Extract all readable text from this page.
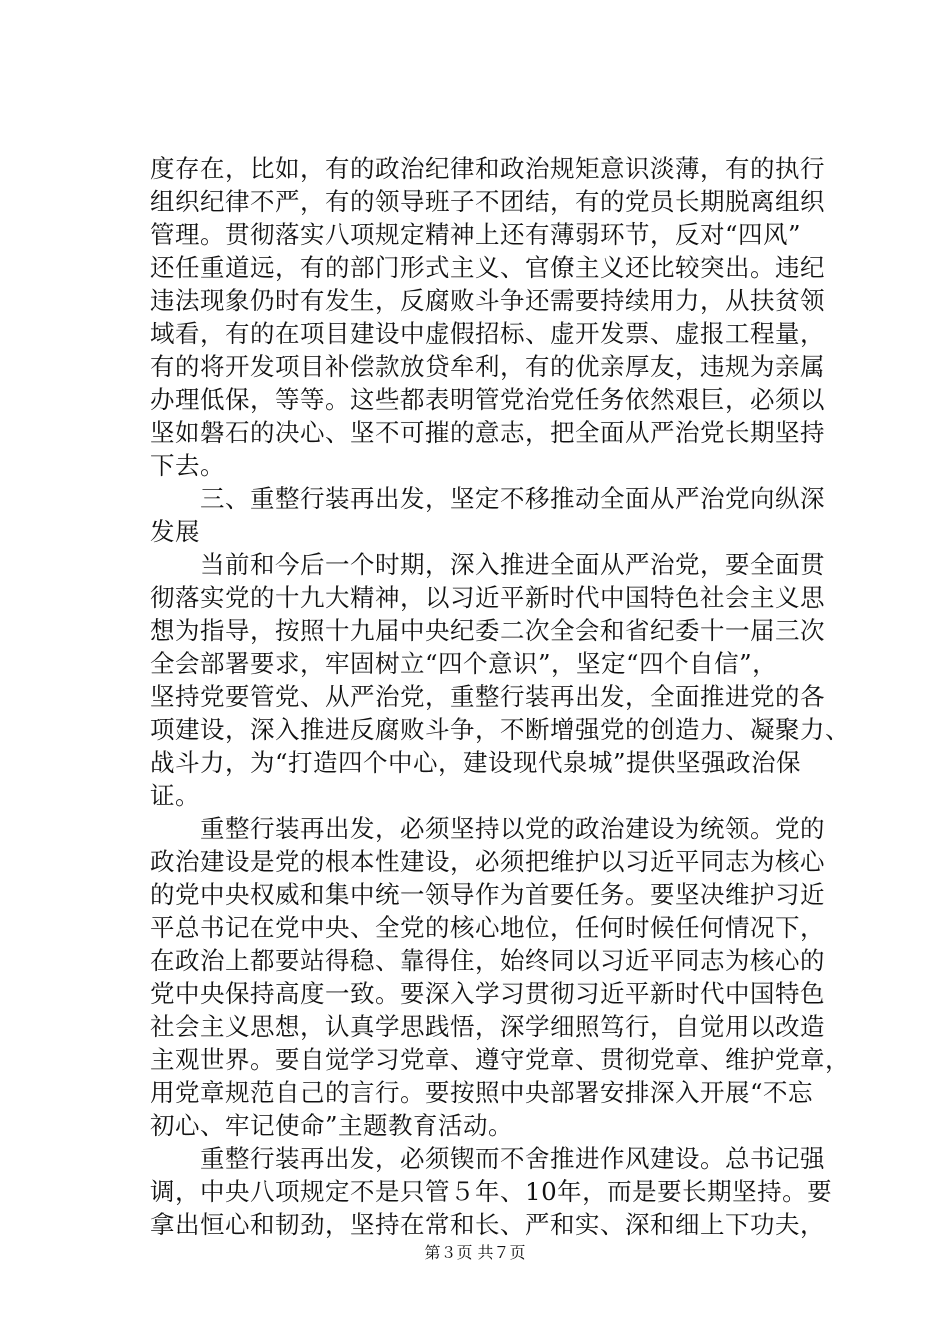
度存在，比如，有的政治纪律和政治规矩意识淡薄，有的执行
组织纪律不严，有的领导班子不团结，有的党员长期脱离组织
管理。贯彻落实八项规定精神上还有薄弱环节，反对“四风”
还任重道远，有的部门形式主义、官僚主义还比较突出。违纪
违法现象仍时有发生，反腐败斗争还需要持续用力，从扶贫领
域看，有的在项目建设中虚假招标、虚开发票、虚报工程量，
有的将开发项目补偿款放贷牟利，有的优亲厚友，违规为亲属
办理低保，等等。这些都表明管党治党任务依然艰巨，必须以
坚如磐石的决心、坚不可摧的意志，把全面从严治党长期坚持
下去。
　　三、重整行装再出发，坚定不移推动全面从严治党向纵深
发展
　　当前和今后一个时期，深入推进全面从严治党，要全面贯
彻落实党的十九大精神，以习近平新时代中国特色社会主义思
想为指导，按照十九届中央纪委二次全会和省纪委十一届三次
全会部署要求，牢固树立“四个意识”，坚定“四个自信”，
坚持党要管党、从严治党，重整行装再出发，全面推进党的各
项建设，深入推进反腐败斗争，不断增强党的创造力、凝聚力、
战斗力，为“打造四个中心，建设现代泉城”提供坚强政治保
证。
　　重整行装再出发，必须坚持以党的政治建设为统领。党的
政治建设是党的根本性建设，必须把维护以习近平同志为核心
的党中央权威和集中统一领导作为首要任务。要坚决维护习近
平总书记在党中央、全党的核心地位，任何时候任何情况下，
在政治上都要站得稳、靠得住，始终同以习近平同志为核心的
党中央保持高度一致。要深入学习贯彻习近平新时代中国特色
社会主义思想，认真学思践悟，深学细照笃行，自觉用以改造
主观世界。要自觉学习党章、遵守党章、贯彻党章、维护党章，
用党章规范自己的言行。要按照中央部署安排深入开展“不忘
初心、牢记使命”主题教育活动。
　　重整行装再出发，必须锲而不舍推进作风建设。总书记强
调，中央八项规定不是只管５年、10年，而是要长期坚持。要
拿出恒心和韧劲，坚持在常和长、严和实、深和细上下功夫，
第３页 共７页
